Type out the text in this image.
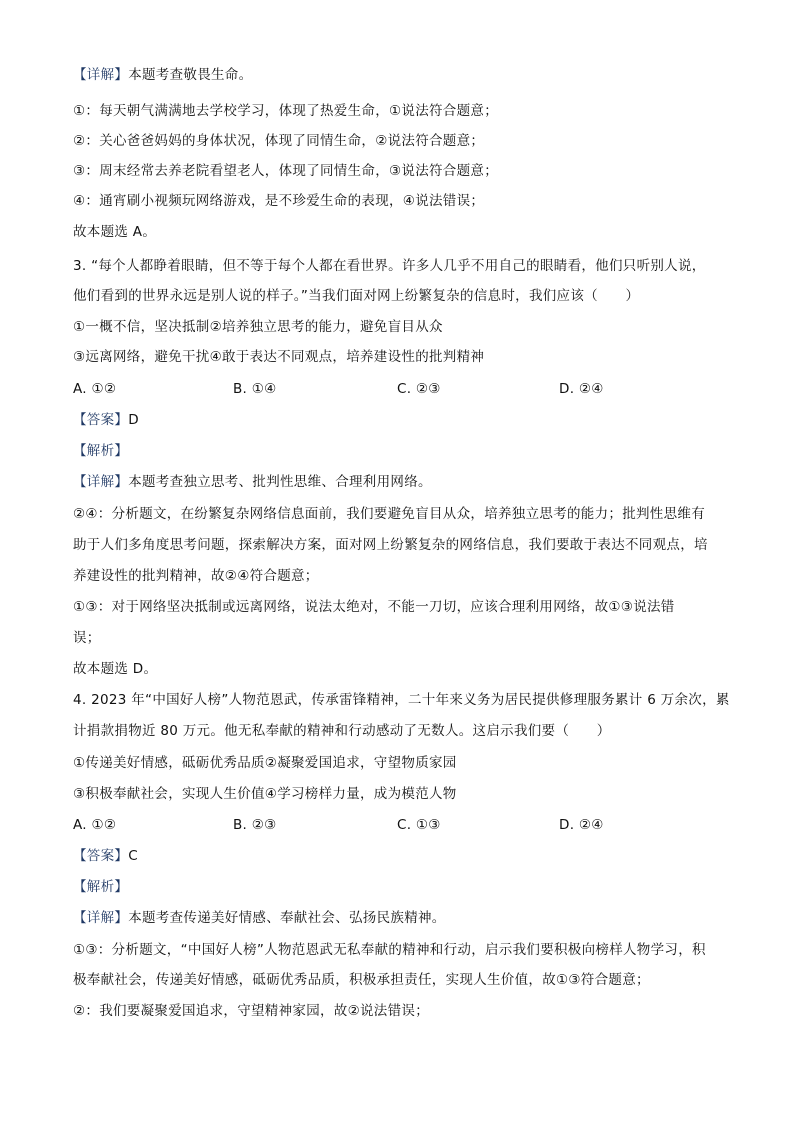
【详解】本题考查敬畏生命。
①：每天朝气满满地去学校学习，体现了热爱生命，①说法符合题意；
②：关心爸爸妈妈的身体状况，体现了同情生命，②说法符合题意；
③：周末经常去养老院看望老人，体现了同情生命，③说法符合题意；
④：通宵刷小视频玩网络游戏，是不珍爱生命的表现，④说法错误；
故本题选 A。
3. “每个人都睁着眼睛，但不等于每个人都在看世界。许多人几乎不用自己的眼睛看，他们只听别人说，
他们看到的世界永远是别人说的样子。”当我们面对网上纷繁复杂的信息时，我们应该（　　）
①一概不信，坚决抵制②培养独立思考的能力，避免盲目从众
③远离网络，避免干扰④敢于表达不同观点，培养建设性的批判精神
A. ①②	B. ①④	C. ②③	D. ②④
【答案】D
【解析】
【详解】本题考查独立思考、批判性思维、合理利用网络。
②④：分析题文，在纷繁复杂网络信息面前，我们要避免盲目从众，培养独立思考的能力；批判性思维有
助于人们多角度思考问题，探索解决方案，面对网上纷繁复杂的网络信息，我们要敢于表达不同观点，培
养建设性的批判精神，故②④符合题意；
①③：对于网络坚决抵制或远离网络，说法太绝对，不能一刀切，应该合理利用网络，故①③说法错
误；
故本题选 D。
4. 2023 年“中国好人榜”人物范恩武，传承雷锋精神，二十年来义务为居民提供修理服务累计 6 万余次，累
计捐款捐物近 80 万元。他无私奉献的精神和行动感动了无数人。这启示我们要（　　）
①传递美好情感，砥砺优秀品质②凝聚爱国追求，守望物质家园
③积极奉献社会，实现人生价值④学习榜样力量，成为模范人物
A. ①②	B. ②③	C. ①③	D. ②④
【答案】C
【解析】
【详解】本题考查传递美好情感、奉献社会、弘扬民族精神。
①③：分析题文，“中国好人榜”人物范恩武无私奉献的精神和行动，启示我们要积极向榜样人物学习，积
极奉献社会，传递美好情感，砥砺优秀品质，积极承担责任，实现人生价值，故①③符合题意；
②：我们要凝聚爱国追求，守望精神家园，故②说法错误；
